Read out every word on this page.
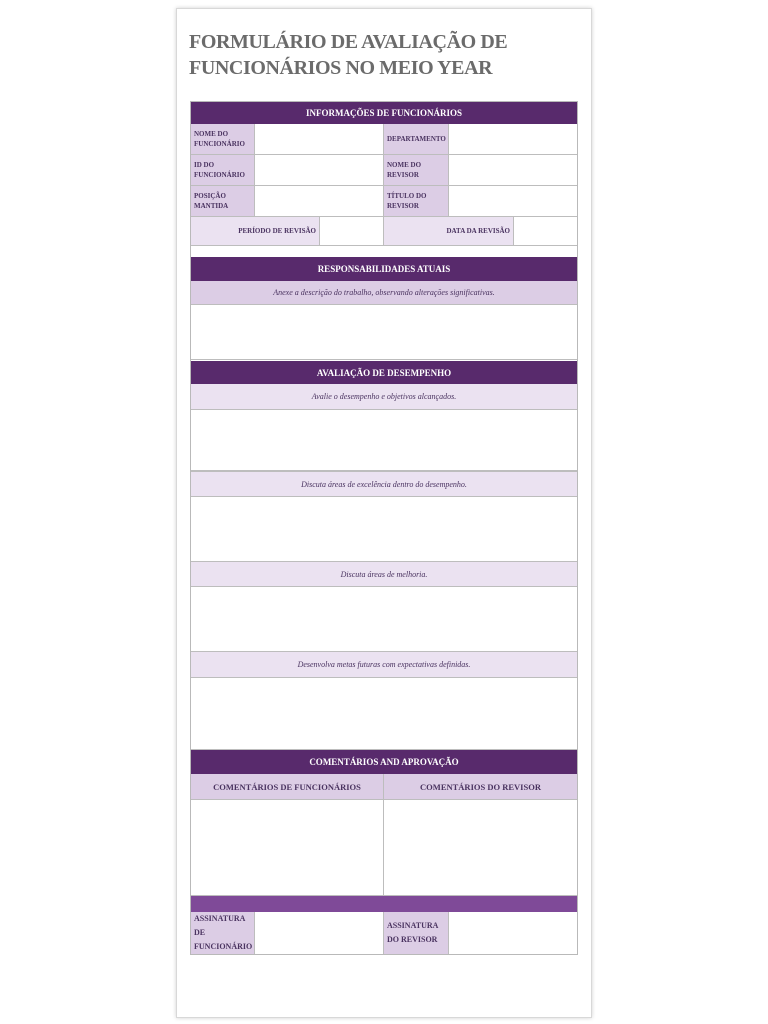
FORMULÁRIO DE AVALIAÇÃO DE FUNCIONÁRIOS NO MEIO YEAR
INFORMAÇÕES DE FUNCIONÁRIOS
NOME DO FUNCIONÁRIO
DEPARTAMENTO
ID DO FUNCIONÁRIO
NOME DO REVISOR
POSIÇÃO MANTIDA
TÍTULO DO REVISOR
PERÍODO DE REVISÃO	DATA DA REVISÃO
RESPONSABILIDADES ATUAIS
Anexe a descrição do trabalho, observando alterações significativas.
AVALIAÇÃO DE DESEMPENHO
Avalie o desempenho e objetivos alcançados.
Discuta áreas de excelência dentro do desempenho.
Discuta áreas de melhoria.
Desenvolva metas futuras com expectativas definidas.
COMENTÁRIOS AND APROVAÇÃO
COMENTÁRIOS DE FUNCIONÁRIOS	COMENTÁRIOS DO REVISOR
ASSINATURA DE FUNCIONÁRIO
ASSINATURA DO REVISOR
